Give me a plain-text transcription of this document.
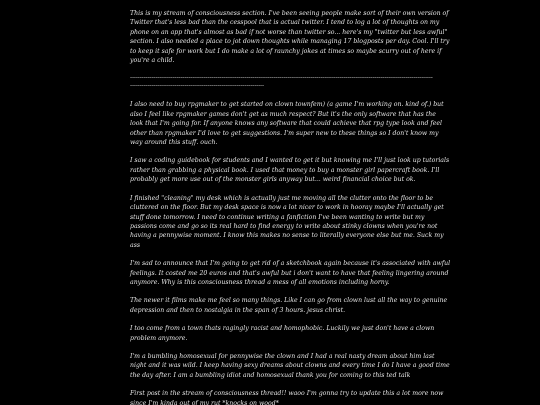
This is my stream of consciousness section. I've been seeing people make sort of their own version of Twitter that's less bad than the cesspool that is actual twitter. I tend to log a lot of thoughts on my phone on an app that's almost as bad if not worse than twitter so... here's my "twitter but less awful" section. I also needed a place to jot down thoughts while managing 17 blogposts per day. Cool. I'll try to keep it safe for work but I do make a lot of raunchy jokes at times so maybe scurry out of here if you're a child.

------------------------------------------------------------------------------------------------------------------------------------------------------------
---------------------------------------------------------------------

I also need to buy rpgmaker to get started on clown townfem) (a game I'm working on. kind of.) but also I feel like rpgmaker games don't get as much respect? But it's the only software that has the look that I'm going for. If anyone knows any software that could achieve that rpg type look and feel other than rpgmaker I'd love to get suggestions. I'm super new to these things so I don't know my way around this stuff. ouch.

I saw a coding guidebook for students and I wanted to get it but knowing me I'll just look up tutorials rather than grabbing a physical book. I used that money to buy a monster girl papercraft book. I'll probably get more use out of the monster girls anyway but... weird financial choice but ok.

I finished "cleaning" my desk which is actually just me moving all the clutter onto the floor to be cluttered on the floor. But my desk space is now a lot nicer to work in hooray maybe I'll actually get stuff done tomorrow. I need to continue writing a fanfiction I've been wanting to write but my passions come and go so its real hard to find energy to write about stinky clowns when you're not having a pennywise moment. I know this makes no sense to literally everyone else but me. Suck my ass

I'm sad to announce that I'm going to get rid of a sketchbook again because it's associated with awful feelings. It costed me 20 euros and that's awful but i don't want to have that feeling lingering around anymore. Why is this consciousness thread a mess of all emotions including horny.

The newer it films make me feel so many things. Like I can go from clown lust all the way to genuine depression and then to nostalgia in the span of 3 hours. jesus christ.

I too come from a town thats ragingly racist and homophobic. Luckily we just don't have a clown problem anymore.

I'm a bumbling homosexual for pennywise the clown and I had a real nasty dream about him last night and it was wild. I keep having sexy dreams about clowns and every time I do I have a good time the day after. I am a bumbling idiot and homosexual thank you for coming to this ted talk

First post in the stream of consciousness thread!! waoo I'm gonna try to update this a lot more now since I'm kinda out of my rut *knocks on wood*
